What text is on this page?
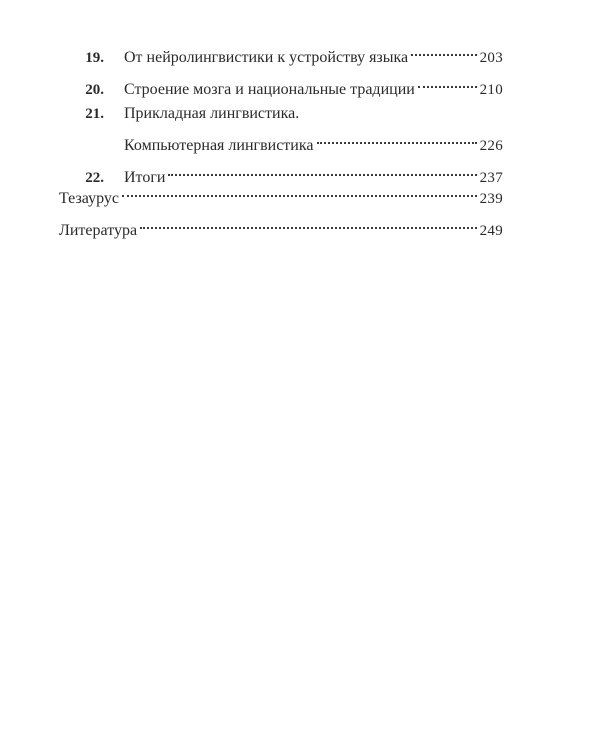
19.	От нейролингвистики к устройству языка	203
20.	Строение мозга и национальные традиции	210
21.	Прикладная лингвистика.
Компьютерная лингвистика	226
22.	Итоги	237
Тезаурус	239
Литература	249
